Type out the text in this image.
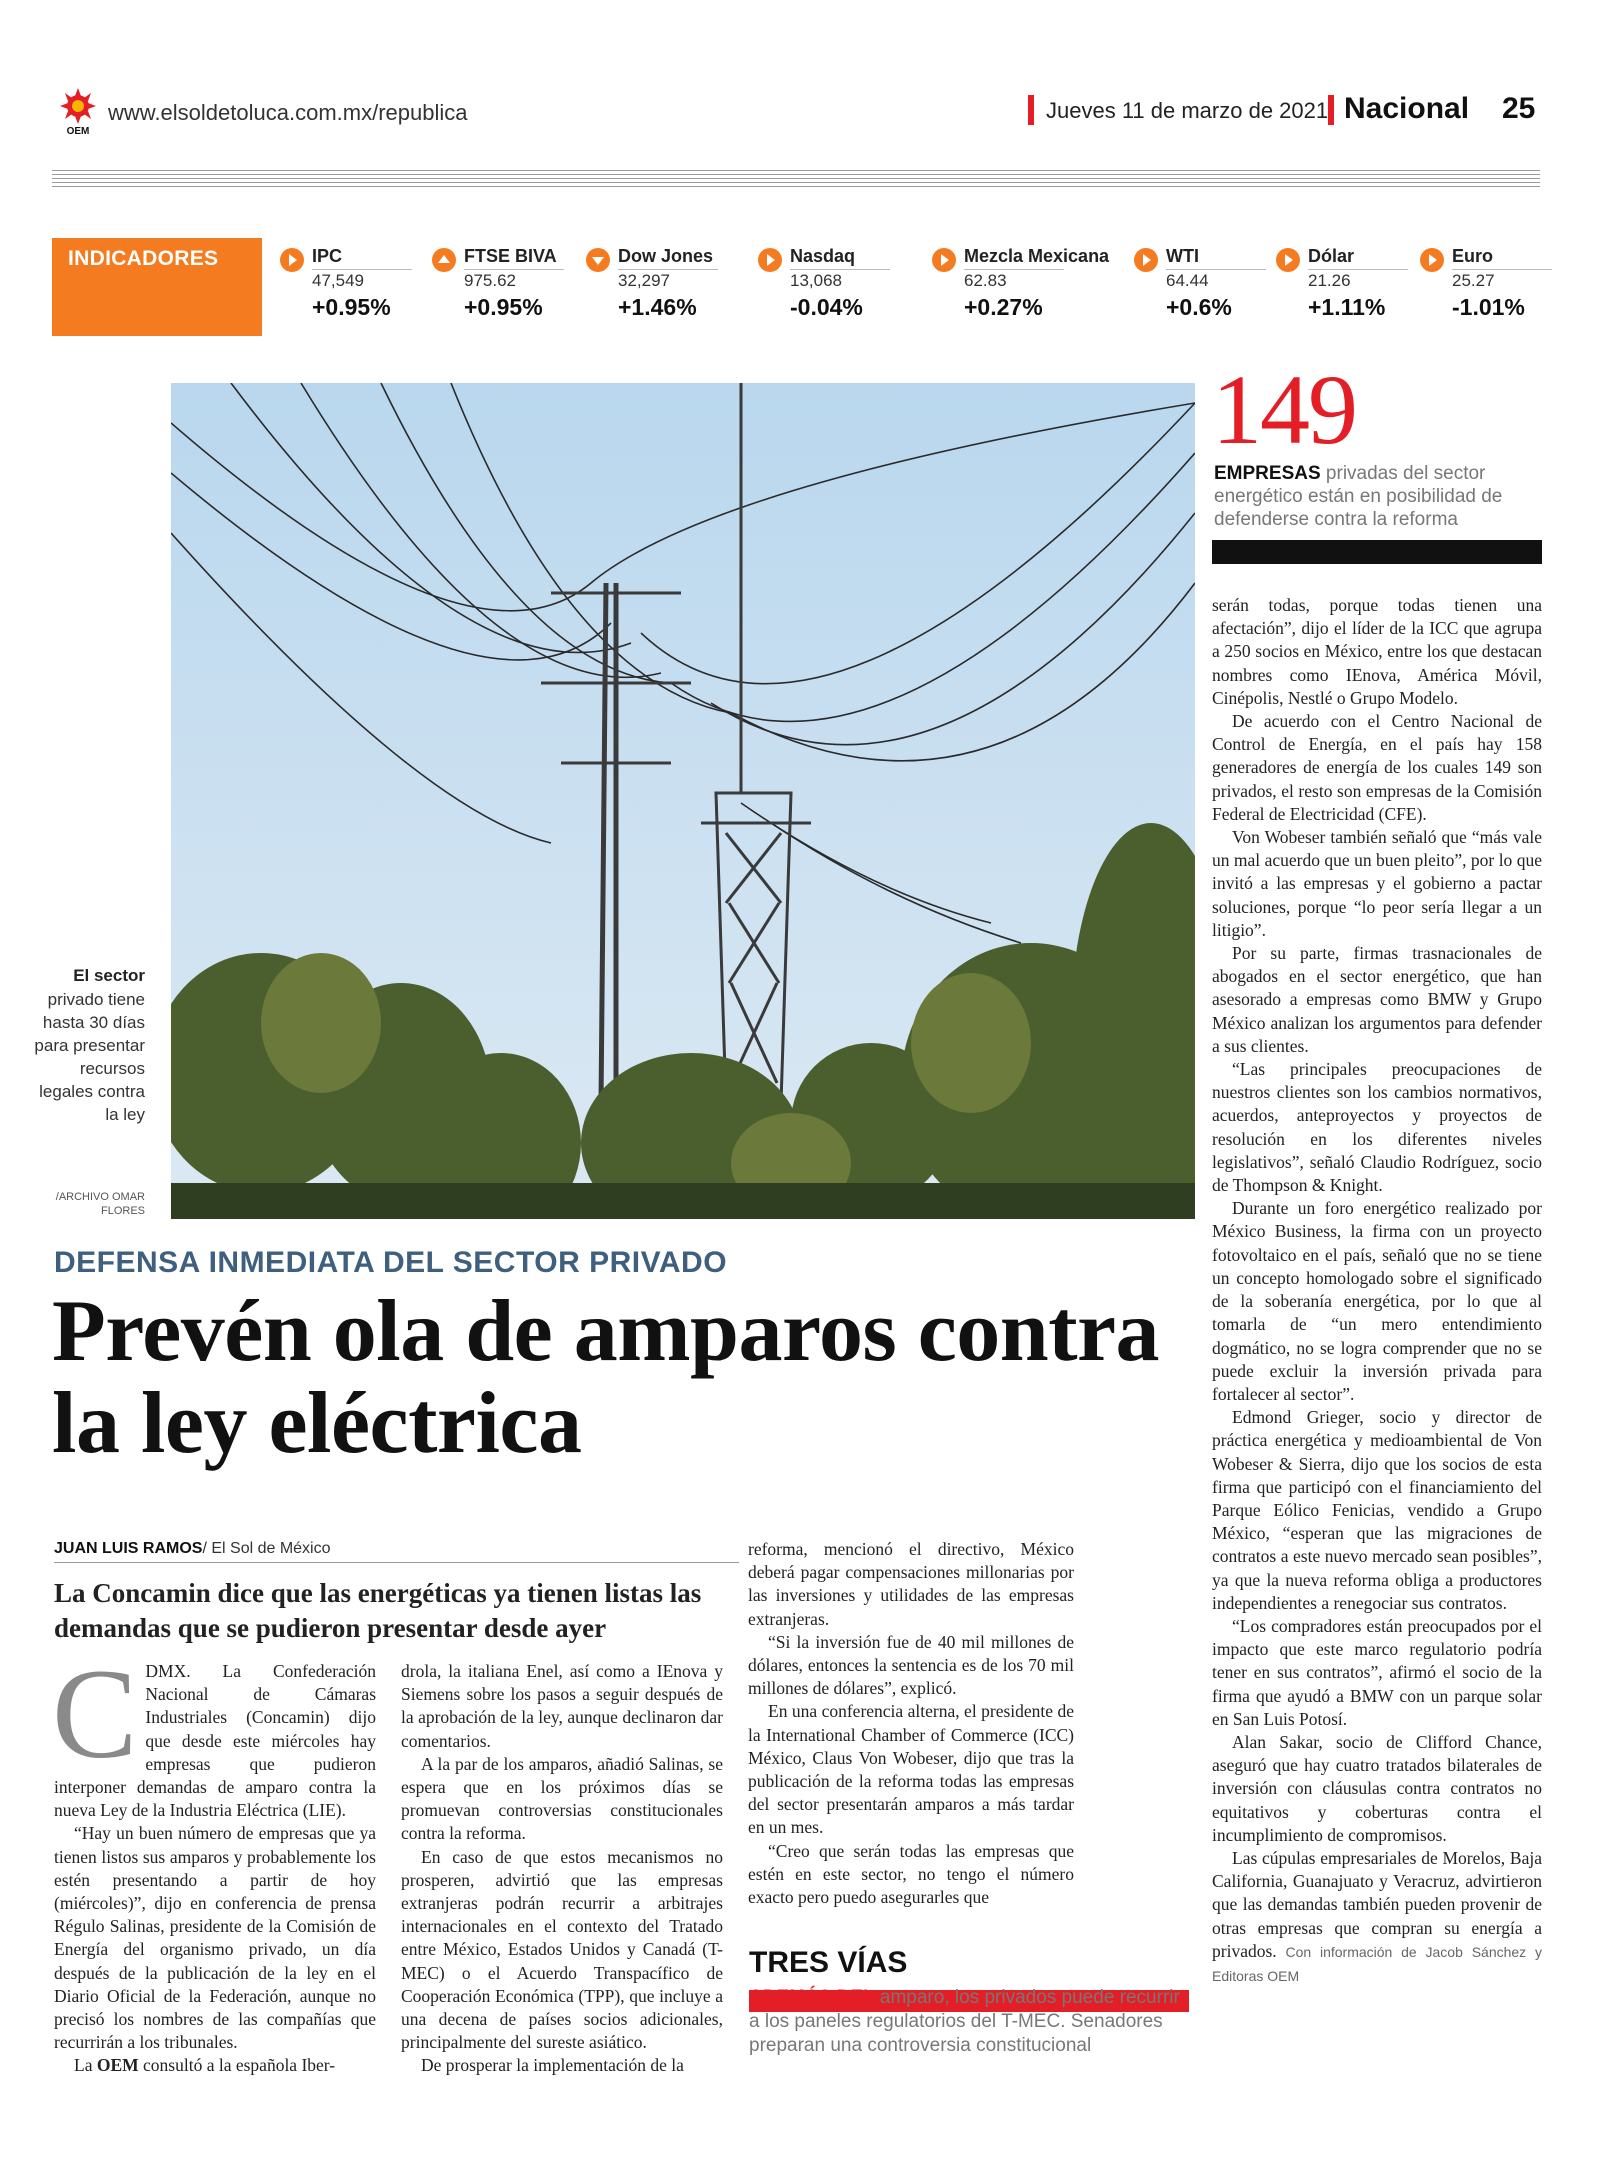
OEM
www.elsoldetoluca.com.mx/republica	Jueves 11 de marzo de 2021 Nacional 25
INDICADORES	IPC
47,549
+0.95%
FTSE BIVA
975.62
+0.95%
Dow Jones
32,297
+1.46%
Nasdaq
13,068
-0.04%
Mezcla Mexicana
62.83
+0.27%
WTI
64.44
+0.6%
Dólar
21.26
+1.11%
Euro
25.27
-1.01%
El sector
privado tiene hasta 30 días para presentar recursos legales contra la ley
/ARCHIVO OMAR FLORES
149
EMPRESAS privadas del sector energético están en posibilidad de defenderse contra la reforma
DEFENSA INMEDIATA DEL SECTOR PRIVADO
Prevén ola de amparos contra la ley eléctrica
JUAN LUIS RAMOS/ El Sol de México
La Concamin dice que las energéticas ya tienen listas las demandas que se pudieron presentar desde ayer

CDMX. La Confederación Nacional de Cámaras Industriales (Concamin) dijo que desde este miércoles hay empresas que pudieron interponer demandas de amparo contra la nueva Ley de la Industria Eléctrica (LIE).

“Hay un buen número de empresas que ya tienen listos sus amparos y probablemente los estén presentando a partir de hoy (miércoles)”, dijo en conferencia de prensa Régulo Salinas, presidente de la Comisión de Energía del organismo privado, un día después de la publicación de la ley en el Diario Oficial de la Federación, aunque no precisó los nombres de las compañías que recurrirán a los tribunales.

La OEM consultó a la española Iber-

drola, la italiana Enel, así como a IEnova y Siemens sobre los pasos a seguir después de la aprobación de la ley, aunque declinaron dar comentarios.

A la par de los amparos, añadió Salinas, se espera que en los próximos días se promuevan controversias constitucionales contra la reforma.

En caso de que estos mecanismos no prosperen, advirtió que las empresas extranjeras podrán recurrir a arbitrajes internacionales en el contexto del Tratado entre México, Estados Unidos y Canadá (T-MEC) o el Acuerdo Transpacífico de Cooperación Económica (TPP), que incluye a una decena de países socios adicionales, principalmente del sureste asiático.

De prosperar la implementación de la

reforma, mencionó el directivo, México deberá pagar compensaciones millonarias por las inversiones y utilidades de las empresas extranjeras.

“Si la inversión fue de 40 mil millones de dólares, entonces la sentencia es de los 70 mil millones de dólares”, explicó.

En una conferencia alterna, el presidente de la International Chamber of Commerce (ICC) México, Claus Von Wobeser, dijo que tras la publicación de la reforma todas las empresas del sector presentarán amparos a más tardar en un mes.

“Creo que serán todas las empresas que estén en este sector, no tengo el número exacto pero puedo asegurarles que

serán todas, porque todas tienen una afectación”, dijo el líder de la ICC que agrupa a 250 socios en México, entre los que destacan nombres como IEnova, América Móvil, Cinépolis, Nestlé o Grupo Modelo.

De acuerdo con el Centro Nacional de Control de Energía, en el país hay 158 generadores de energía de los cuales 149 son privados, el resto son empresas de la Comisión Federal de Electricidad (CFE).

Von Wobeser también señaló que “más vale un mal acuerdo que un buen pleito”, por lo que invitó a las empresas y el gobierno a pactar soluciones, porque “lo peor sería llegar a un litigio”.

Por su parte, firmas trasnacionales de abogados en el sector energético, que han asesorado a empresas como BMW y Grupo México analizan los argumentos para defender a sus clientes.

“Las principales preocupaciones de nuestros clientes son los cambios normativos, acuerdos, anteproyectos y proyectos de resolución en los diferentes niveles legislativos”, señaló Claudio Rodríguez, socio de Thompson & Knight.

Durante un foro energético realizado por México Business, la firma con un proyecto fotovoltaico en el país, señaló que no se tiene un concepto homologado sobre el significado de la soberanía energética, por lo que al tomarla de “un mero entendimiento dogmático, no se logra comprender que no se puede excluir la inversión privada para fortalecer al sector”.

Edmond Grieger, socio y director de práctica energética y medioambiental de Von Wobeser & Sierra, dijo que los socios de esta firma que participó con el financiamiento del Parque Eólico Fenicias, vendido a Grupo México, “esperan que las migraciones de contratos a este nuevo mercado sean posibles”, ya que la nueva reforma obliga a productores independientes a renegociar sus contratos.

“Los compradores están preocupados por el impacto que este marco regulatorio podría tener en sus contratos”, afirmó el socio de la firma que ayudó a BMW con un parque solar en San Luis Potosí.

Alan Sakar, socio de Clifford Chance, aseguró que hay cuatro tratados bilaterales de inversión con cláusulas contra contratos no equitativos y coberturas contra el incumplimiento de compromisos.

Las cúpulas empresariales de Morelos, Baja California, Guanajuato y Veracruz, advirtieron que las demandas también pueden provenir de otras empresas que compran su energía a privados. Con información de Jacob Sánchez y Editoras OEM

TRES VÍAS
ADEMÁS DEL amparo, los privados puede recurrir a los paneles regulatorios del T-MEC. Senadores preparan una controversia constitucional
